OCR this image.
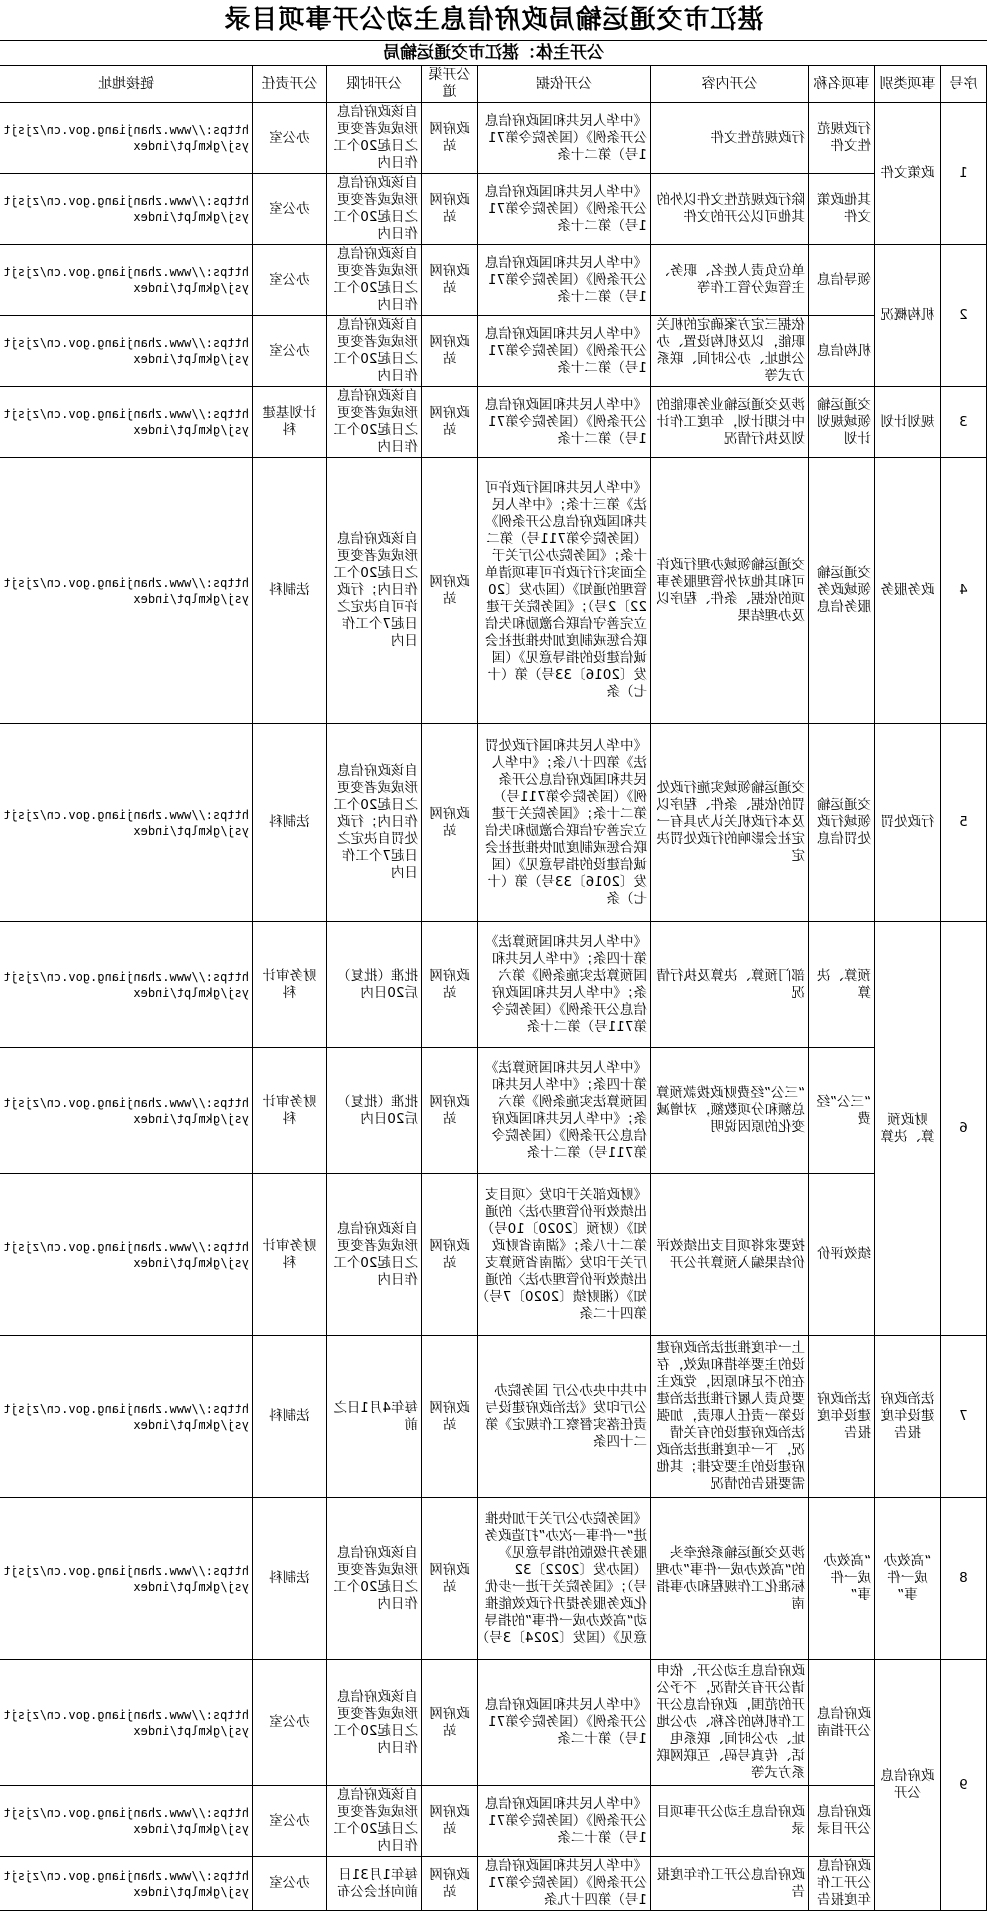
湛江市交通运输局政府信息主动公开事项目录
公开主体：湛江市交通运输局
序号	事项类别	事项名称	公开内容	公开依据	公开渠道	公开时限	公开责任	链接地址
1	政策文件	行政规范性文件	行政规范性文件	《中华人民共和国政府信息公开条例》（国务院令第711号）第二十条	政府网站	自该政府信息形成或者变更之日起20个工作日内	办公室	https://www.zhanjiang.gov.cn/zjsjtysj/gkmlpt/index
		其他政策文件	除行政规范性文件以外的其他可以公开的文件	《中华人民共和国政府信息公开条例》（国务院令第711号）第二十条	政府网站	自该政府信息形成或者变更之日起20个工作日内	办公室	https://www.zhanjiang.gov.cn/zjsjtysj/gkmlpt/index
2	机构概况	领导信息	单位负责人姓名、职务、主管或分管工作等	《中华人民共和国政府信息公开条例》（国务院令第711号）第二十条	政府网站	自该政府信息形成或者变更之日起20个工作日内	办公室	https://www.zhanjiang.gov.cn/zjsjtysj/gkmlpt/index
		机构信息	依据三定方案确定的机关职能，以及机构设置、办公地址、办公时间、联系方式等	《中华人民共和国政府信息公开条例》（国务院令第711号）第二十条	政府网站	自该政府信息形成或者变更之日起20个工作日内	办公室	https://www.zhanjiang.gov.cn/zjsjtysj/gkmlpt/index
3	规划计划	交通运输领域规划计划	涉及交通运输业务职能的中长期计划，年度工作计划及执行情况	《中华人民共和国政府信息公开条例》（国务院令第711号）第二十条	政府网站	自该政府信息形成或者变更之日起20个工作日内	计划基建科	https://www.zhanjiang.gov.cn/zjsjtysj/gkmlpt/index
4	政务服务	交通运输领域政务服务信息	交通运输领域办理行政许可和其他对外管理服务事项的依据、条件、程序以及办理结果	《中华人民共和国行政许可法》第三十条；《中华人民共和国政府信息公开条例》（国务院令第711号）第二十条；《国务院办公厅关于全面实行行政许可事项清单管理的通知》（国办发〔2022〕2号）；《国务院关于建立完善守信联合激励和失信联合惩戒制度加快推进社会诚信建设的指导意见》（国发〔2016〕33号）第（十七）条	政府网站	自该政府信息形成或者变更之日起20个工作日内；行政许可自决定之日起7个工作日内	法制科	https://www.zhanjiang.gov.cn/zjsjtysj/gkmlpt/index
5	行政处罚	交通运输领域行政处罚信息	交通运输领域实施行政处罚的依据、条件、程序以及本行政机关认为具有一定社会影响的行政处罚决定	《中华人民共和国行政处罚法》第四十八条；《中华人民共和国政府信息公开条例》（国务院令第711号）第二十条；《国务院关于建立完善守信联合激励和失信联合惩戒制度加快推进社会诚信建设的指导意见》（国发〔2016〕33号）第（十七）条	政府网站	自该政府信息形成或者变更之日起20个工作日内；行政处罚自决定之日起7个工作日内	法制科	https://www.zhanjiang.gov.cn/zjsjtysj/gkmlpt/index
6	财政预算、决算	预算、决算	部门预算、决算及执行情况	《中华人民共和国预算法》第十四条；《中华人民共和国预算法实施条例》第六条；《中华人民共和国政府信息公开条例》（国务院令第711号）第二十条	政府网站	批准（批复）后20日内	财务审计科	https://www.zhanjiang.gov.cn/zjsjtysj/gkmlpt/index
		“三公”经费	“三公”经费财政拨款预算总额和分项数额，对增减变化的原因说明	《中华人民共和国预算法》第十四条；《中华人民共和国预算法实施条例》第六条；《中华人民共和国政府信息公开条例》（国务院令第711号）第二十条	政府网站	批准（批复）后20日内	财务审计科	https://www.zhanjiang.gov.cn/zjsjtysj/gkmlpt/index
		绩效评价	按要求将项目支出绩效评价结果编入预算并公开	《财政部关于印发〈项目支出绩效评价管理办法〉的通知》（财预〔2020〕10号）第二十八条；《湖南省财政厅关于印发〈湖南省预算支出绩效评价管理办法〉的通知》（湘财绩〔2020〕7号）第四十二条	政府网站	自该政府信息形成或者变更之日起20个工作日内	财务审计科	https://www.zhanjiang.gov.cn/zjsjtysj/gkmlpt/index
7	法治政府建设年度报告	法治政府建设年度报告	上一年度推进法治政府建设的主要举措和成效，存在的不足和原因，党政主要负责人履行推进法治建设第一责任人职责，加强法治政府建设的有关情况，下一年度推进法治政府建设的主要安排；其他需要报告的情况	中共中央办公厅 国务院办公厅印发《法治政府建设与责任落实督察工作规定》第二十四条	政府网站	每年4月1日之前	法制科	https://www.zhanjiang.gov.cn/zjsjtysj/gkmlpt/index
8	“高效办成一件事”	“高效办成一件事”	涉及交通运输系统牵头的“高效办成一件事”办理标准化工作规程和办事指南	《国务院办公厅关于加快推进“一件事一次办”打造政务服务升级版的指导意见》（国办发〔2022〕32号）；《国务院关于进一步优化政务服务提升行政效能推动“高效办成一件事”的指导意见》（国发〔2024〕3号）	政府网站	自该政府信息形成或者变更之日起20个工作日内	法制科	https://www.zhanjiang.gov.cn/zjsjtysj/gkmlpt/index
9	政府信息公开	政府信息公开指南	政府信息主动公开、依申请公开有关情况，不予公开的范围，政府信息公开工作机构的名称、办公地址、办公时间、联系电话、传真号码、互联网联系方式等	《中华人民共和国政府信息公开条例》（国务院令第711号）第十二条	政府网站	自该政府信息形成或者变更之日起20个工作日内	办公室	https://www.zhanjiang.gov.cn/zjsjtysj/gkmlpt/index
		政府信息公开目录	政府信息主动公开事项目录	《中华人民共和国政府信息公开条例》（国务院令第711号）第十二条	政府网站	自该政府信息形成或者变更之日起20个工作日内	办公室	https://www.zhanjiang.gov.cn/zjsjtysj/gkmlpt/index
		政府信息公开工作年度报告	政府信息公开工作年度报告	《中华人民共和国政府信息公开条例》（国务院令第711号）第四十九条	政府网站	每年1月31日前向社会公布	办公室	https://www.zhanjiang.gov.cn/zjsjtysj/gkmlpt/index
